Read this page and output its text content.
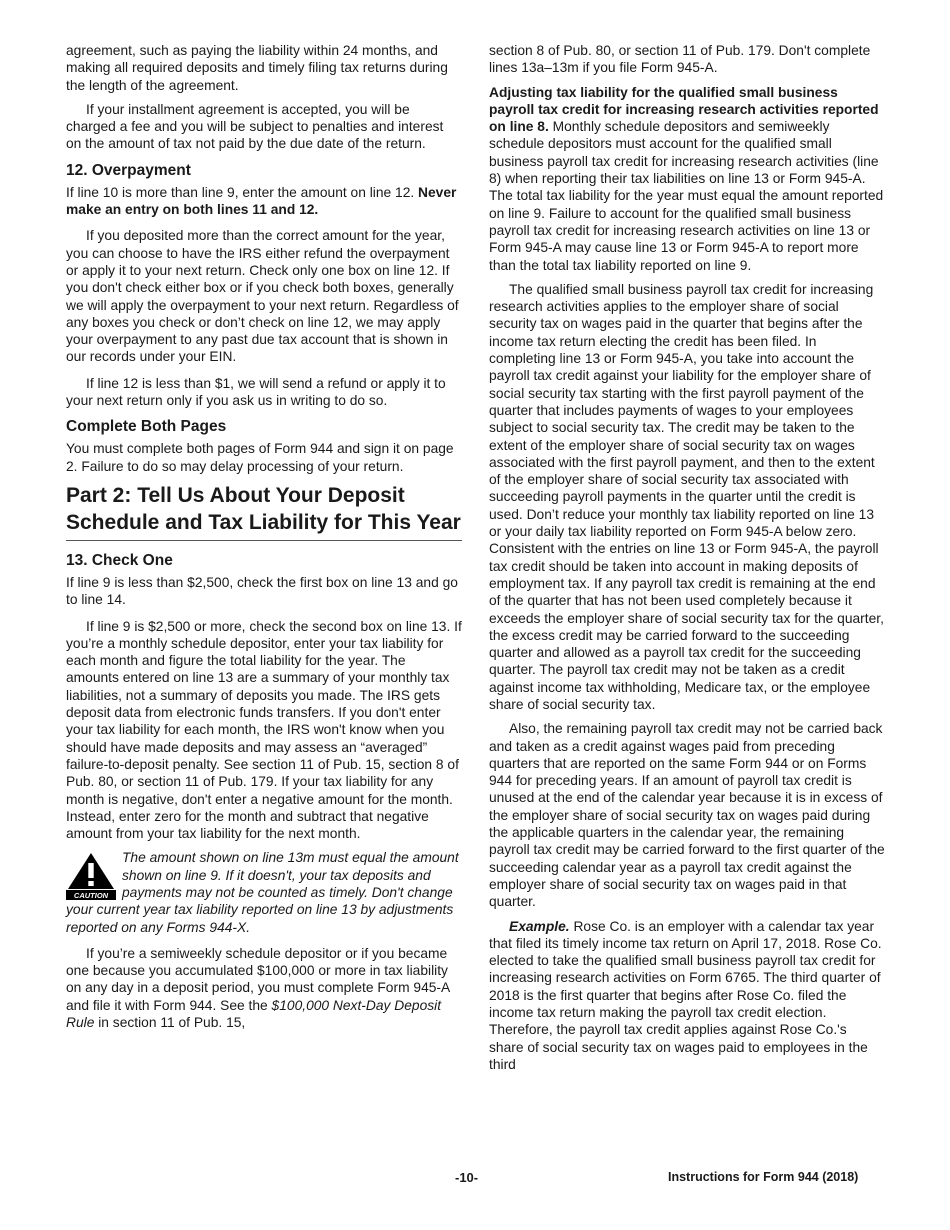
agreement, such as paying the liability within 24 months, and making all required deposits and timely filing tax returns during the length of the agreement.

If your installment agreement is accepted, you will be charged a fee and you will be subject to penalties and interest on the amount of tax not paid by the due date of the return.

12. Overpayment

If line 10 is more than line 9, enter the amount on line 12. Never make an entry on both lines 11 and 12.

If you deposited more than the correct amount for the year, you can choose to have the IRS either refund the overpayment or apply it to your next return. Check only one box on line 12. If you don't check either box or if you check both boxes, generally we will apply the overpayment to your next return. Regardless of any boxes you check or don’t check on line 12, we may apply your overpayment to any past due tax account that is shown in our records under your EIN.

If line 12 is less than $1, we will send a refund or apply it to your next return only if you ask us in writing to do so.

Complete Both Pages

You must complete both pages of Form 944 and sign it on page 2. Failure to do so may delay processing of your return.

Part 2: Tell Us About Your Deposit Schedule and Tax Liability for This Year
13. Check One

If line 9 is less than $2,500, check the first box on line 13 and go to line 14.

If line 9 is $2,500 or more, check the second box on line 13. If you’re a monthly schedule depositor, enter your tax liability for each month and figure the total liability for the year. The amounts entered on line 13 are a summary of your monthly tax liabilities, not a summary of deposits you made. The IRS gets deposit data from electronic funds transfers. If you don't enter your tax liability for each month, the IRS won't know when you should have made deposits and may assess an “averaged” failure-to-deposit penalty. See section 11 of Pub. 15, section 8 of Pub. 80, or section 11 of Pub. 179. If your tax liability for any month is negative, don't enter a negative amount for the month. Instead, enter zero for the month and subtract that negative amount from your tax liability for the next month.

CAUTION
The amount shown on line 13m must equal the amount shown on line 9. If it doesn't, your tax deposits and payments may not be counted as timely. Don't change your current year tax liability reported on line 13 by adjustments reported on any Forms 944-X.

If you’re a semiweekly schedule depositor or if you became one because you accumulated $100,000 or more in tax liability on any day in a deposit period, you must complete Form 945-A and file it with Form 944. See the $100,000 Next-Day Deposit Rule in section 11 of Pub. 15,

section 8 of Pub. 80, or section 11 of Pub. 179. Don't complete lines 13a–13m if you file Form 945-A.

Adjusting tax liability for the qualified small business payroll tax credit for increasing research activities reported on line 8. Monthly schedule depositors and semiweekly schedule depositors must account for the qualified small business payroll tax credit for increasing research activities (line 8) when reporting their tax liabilities on line 13 or Form 945-A. The total tax liability for the year must equal the amount reported on line 9. Failure to account for the qualified small business payroll tax credit for increasing research activities on line 13 or Form 945-A may cause line 13 or Form 945-A to report more than the total tax liability reported on line 9.

The qualified small business payroll tax credit for increasing research activities applies to the employer share of social security tax on wages paid in the quarter that begins after the income tax return electing the credit has been filed. In completing line 13 or Form 945-A, you take into account the payroll tax credit against your liability for the employer share of social security tax starting with the first payroll payment of the quarter that includes payments of wages to your employees subject to social security tax. The credit may be taken to the extent of the employer share of social security tax on wages associated with the first payroll payment, and then to the extent of the employer share of social security tax associated with succeeding payroll payments in the quarter until the credit is used. Don’t reduce your monthly tax liability reported on line 13 or your daily tax liability reported on Form 945-A below zero. Consistent with the entries on line 13 or Form 945-A, the payroll tax credit should be taken into account in making deposits of employment tax. If any payroll tax credit is remaining at the end of the quarter that has not been used completely because it exceeds the employer share of social security tax for the quarter, the excess credit may be carried forward to the succeeding quarter and allowed as a payroll tax credit for the succeeding quarter. The payroll tax credit may not be taken as a credit against income tax withholding, Medicare tax, or the employee share of social security tax.

Also, the remaining payroll tax credit may not be carried back and taken as a credit against wages paid from preceding quarters that are reported on the same Form 944 or on Forms 944 for preceding years. If an amount of payroll tax credit is unused at the end of the calendar year because it is in excess of the employer share of social security tax on wages paid during the applicable quarters in the calendar year, the remaining payroll tax credit may be carried forward to the first quarter of the succeeding calendar year as a payroll tax credit against the employer share of social security tax on wages paid in that quarter.

Example. Rose Co. is an employer with a calendar tax year that filed its timely income tax return on April 17, 2018. Rose Co. elected to take the qualified small business payroll tax credit for increasing research activities on Form 6765. The third quarter of 2018 is the first quarter that begins after Rose Co. filed the income tax return making the payroll tax credit election. Therefore, the payroll tax credit applies against Rose Co.'s share of social security tax on wages paid to employees in the third

-10-	Instructions for Form 944 (2018)
